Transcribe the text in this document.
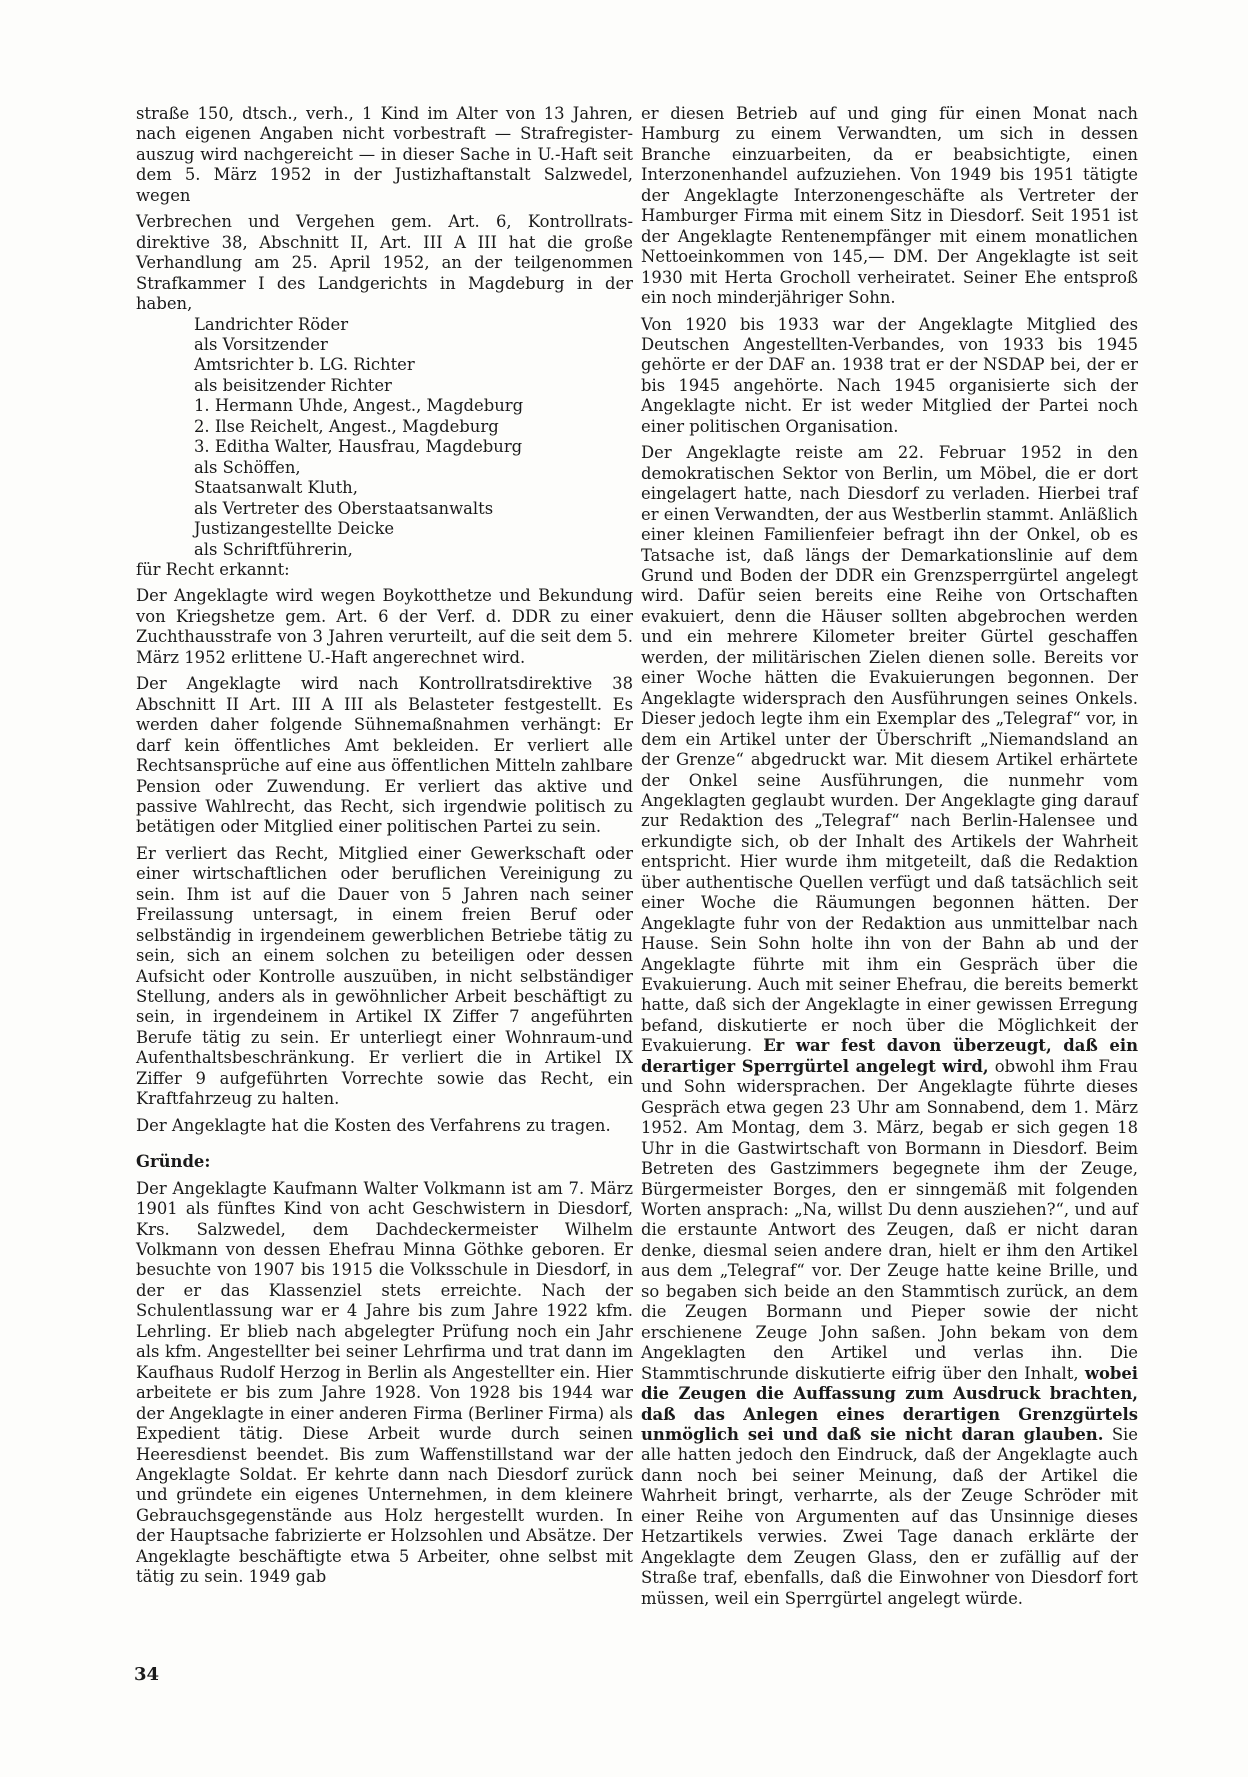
straße 150, dtsch., verh., 1 Kind im Alter von 13 Jahren, nach eigenen Angaben nicht vorbestraft — Strafregister-auszug wird nachgereicht — in dieser Sache in U.-Haft seit dem 5. März 1952 in der Justizhaftanstalt Salzwedel, wegen

Verbrechen und Vergehen gem. Art. 6, Kontrollrats-direktive 38, Abschnitt II, Art. III A III hat die große Verhandlung am 25. April 1952, an der teilgenommen Strafkammer I des Landgerichts in Magdeburg in der haben,

Landrichter Röder
als Vorsitzender
Amtsrichter b. LG. Richter
als beisitzender Richter
1. Hermann Uhde, Angest., Magdeburg
2. Ilse Reichelt, Angest., Magdeburg
3. Editha Walter, Hausfrau, Magdeburg
als Schöffen,
Staatsanwalt Kluth,
als Vertreter des Oberstaatsanwalts
Justizangestellte Deicke
als Schriftführerin,

für Recht erkannt:

Der Angeklagte wird wegen Boykotthetze und Bekundung von Kriegshetze gem. Art. 6 der Verf. d. DDR zu einer Zuchthausstrafe von 3 Jahren verurteilt, auf die seit dem 5. März 1952 erlittene U.-Haft angerechnet wird.

Der Angeklagte wird nach Kontrollratsdirektive 38 Abschnitt II Art. III A III als Belasteter festgestellt. Es werden daher folgende Sühnemaßnahmen verhängt: Er darf kein öffentliches Amt bekleiden. Er verliert alle Rechtsansprüche auf eine aus öffentlichen Mitteln zahlbare Pension oder Zuwendung. Er verliert das aktive und passive Wahlrecht, das Recht, sich irgendwie politisch zu betätigen oder Mitglied einer politischen Partei zu sein.

Er verliert das Recht, Mitglied einer Gewerkschaft oder einer wirtschaftlichen oder beruflichen Vereinigung zu sein. Ihm ist auf die Dauer von 5 Jahren nach seiner Freilassung untersagt, in einem freien Beruf oder selbständig in irgendeinem gewerblichen Betriebe tätig zu sein, sich an einem solchen zu beteiligen oder dessen Aufsicht oder Kontrolle auszuüben, in nicht selbständiger Stellung, anders als in gewöhnlicher Arbeit beschäftigt zu sein, in irgendeinem in Artikel IX Ziffer 7 angeführten Berufe tätig zu sein. Er unterliegt einer Wohnraum-und Aufenthaltsbeschränkung. Er verliert die in Artikel IX Ziffer 9 aufgeführten Vorrechte sowie das Recht, ein Kraftfahrzeug zu halten.

Der Angeklagte hat die Kosten des Verfahrens zu tragen.

Gründe:

Der Angeklagte Kaufmann Walter Volkmann ist am 7. März 1901 als fünftes Kind von acht Geschwistern in Diesdorf, Krs. Salzwedel, dem Dachdeckermeister Wilhelm Volkmann von dessen Ehefrau Minna Göthke geboren. Er besuchte von 1907 bis 1915 die Volksschule in Diesdorf, in der er das Klassenziel stets erreichte. Nach der Schulentlassung war er 4 Jahre bis zum Jahre 1922 kfm. Lehrling. Er blieb nach abgelegter Prüfung noch ein Jahr als kfm. Angestellter bei seiner Lehrfirma und trat dann im Kaufhaus Rudolf Herzog in Berlin als Angestellter ein. Hier arbeitete er bis zum Jahre 1928. Von 1928 bis 1944 war der Angeklagte in einer anderen Firma (Berliner Firma) als Expedient tätig. Diese Arbeit wurde durch seinen Heeresdienst beendet. Bis zum Waffenstillstand war der Angeklagte Soldat. Er kehrte dann nach Diesdorf zurück und gründete ein eigenes Unternehmen, in dem kleinere Gebrauchsgegenstände aus Holz hergestellt wurden. In der Hauptsache fabrizierte er Holzsohlen und Absätze. Der Angeklagte beschäftigte etwa 5 Arbeiter, ohne selbst mit tätig zu sein. 1949 gab

er diesen Betrieb auf und ging für einen Monat nach Hamburg zu einem Verwandten, um sich in dessen Branche einzuarbeiten, da er beabsichtigte, einen Interzonenhandel aufzuziehen. Von 1949 bis 1951 tätigte der Angeklagte Interzonengeschäfte als Vertreter der Hamburger Firma mit einem Sitz in Diesdorf. Seit 1951 ist der Angeklagte Rentenempfänger mit einem monatlichen Nettoeinkommen von 145,— DM. Der Angeklagte ist seit 1930 mit Herta Grocholl verheiratet. Seiner Ehe entsproß ein noch minderjähriger Sohn.

Von 1920 bis 1933 war der Angeklagte Mitglied des Deutschen Angestellten-Verbandes, von 1933 bis 1945 gehörte er der DAF an. 1938 trat er der NSDAP bei, der er bis 1945 angehörte. Nach 1945 organisierte sich der Angeklagte nicht. Er ist weder Mitglied der Partei noch einer politischen Organisation.

Der Angeklagte reiste am 22. Februar 1952 in den demokratischen Sektor von Berlin, um Möbel, die er dort eingelagert hatte, nach Diesdorf zu verladen. Hierbei traf er einen Verwandten, der aus Westberlin stammt. Anläßlich einer kleinen Familienfeier befragt ihn der Onkel, ob es Tatsache ist, daß längs der Demarkationslinie auf dem Grund und Boden der DDR ein Grenzsperrgürtel angelegt wird. Dafür seien bereits eine Reihe von Ortschaften evakuiert, denn die Häuser sollten abgebrochen werden und ein mehrere Kilometer breiter Gürtel geschaffen werden, der militärischen Zielen dienen solle. Bereits vor einer Woche hätten die Evakuierungen begonnen. Der Angeklagte widersprach den Ausführungen seines Onkels. Dieser jedoch legte ihm ein Exemplar des „Telegraf“ vor, in dem ein Artikel unter der Überschrift „Niemandsland an der Grenze“ abgedruckt war. Mit diesem Artikel erhärtete der Onkel seine Ausführungen, die nunmehr vom Angeklagten geglaubt wurden. Der Angeklagte ging darauf zur Redaktion des „Telegraf“ nach Berlin-Halensee und erkundigte sich, ob der Inhalt des Artikels der Wahrheit entspricht. Hier wurde ihm mitgeteilt, daß die Redaktion über authentische Quellen verfügt und daß tatsächlich seit einer Woche die Räumungen begonnen hätten. Der Angeklagte fuhr von der Redaktion aus unmittelbar nach Hause. Sein Sohn holte ihn von der Bahn ab und der Angeklagte führte mit ihm ein Gespräch über die Evakuierung. Auch mit seiner Ehefrau, die bereits bemerkt hatte, daß sich der Angeklagte in einer gewissen Erregung befand, diskutierte er noch über die Möglichkeit der Evakuierung. Er war fest davon überzeugt, daß ein derartiger Sperrgürtel angelegt wird, obwohl ihm Frau und Sohn widersprachen. Der Angeklagte führte dieses Gespräch etwa gegen 23 Uhr am Sonnabend, dem 1. März 1952. Am Montag, dem 3. März, begab er sich gegen 18 Uhr in die Gastwirtschaft von Bormann in Diesdorf. Beim Betreten des Gastzimmers begegnete ihm der Zeuge, Bürgermeister Borges, den er sinngemäß mit folgenden Worten ansprach: „Na, willst Du denn ausziehen?“, und auf die erstaunte Antwort des Zeugen, daß er nicht daran denke, diesmal seien andere dran, hielt er ihm den Artikel aus dem „Telegraf“ vor. Der Zeuge hatte keine Brille, und so begaben sich beide an den Stammtisch zurück, an dem die Zeugen Bormann und Pieper sowie der nicht erschienene Zeuge John saßen. John bekam von dem Angeklagten den Artikel und verlas ihn. Die Stammtischrunde diskutierte eifrig über den Inhalt, wobei die Zeugen die Auffassung zum Ausdruck brachten, daß das Anlegen eines derartigen Grenzgürtels unmöglich sei und daß sie nicht daran glauben. Sie alle hatten jedoch den Eindruck, daß der Angeklagte auch dann noch bei seiner Meinung, daß der Artikel die Wahrheit bringt, verharrte, als der Zeuge Schröder mit einer Reihe von Argumenten auf das Unsinnige dieses Hetzartikels verwies. Zwei Tage danach erklärte der Angeklagte dem Zeugen Glass, den er zufällig auf der Straße traf, ebenfalls, daß die Einwohner von Diesdorf fort müssen, weil ein Sperrgürtel angelegt würde.

34
